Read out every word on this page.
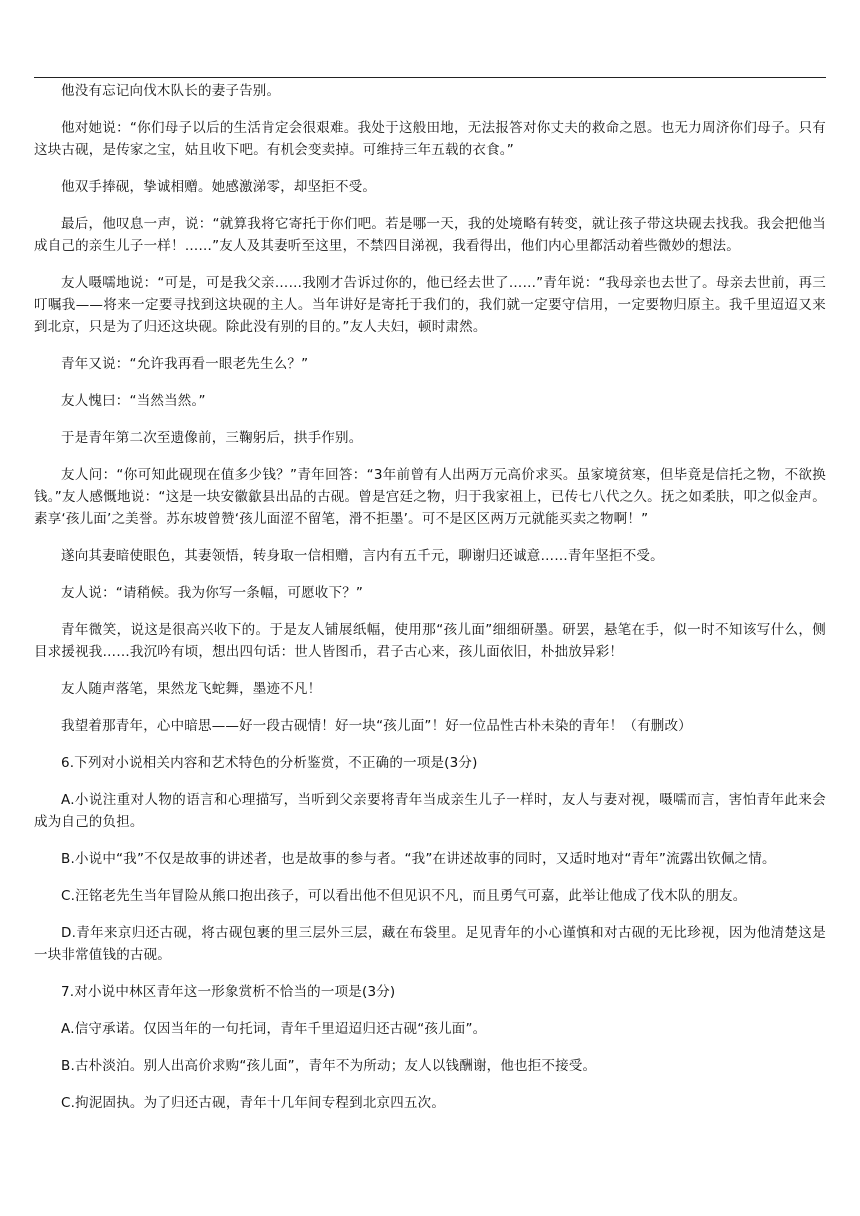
他没有忘记向伐木队长的妻子告别。

他对她说：“你们母子以后的生活肯定会很艰难。我处于这般田地，无法报答对你丈夫的救命之恩。也无力周济你们母子。只有这块古砚，是传家之宝，姑且收下吧。有机会变卖掉。可维持三年五载的衣食。”

他双手捧砚，挚诚相赠。她感激涕零，却坚拒不受。

最后，他叹息一声，说：“就算我将它寄托于你们吧。若是哪一天，我的处境略有转变，就让孩子带这块砚去找我。我会把他当成自己的亲生儿子一样！……”友人及其妻听至这里，不禁四目涕视，我看得出，他们内心里都活动着些微妙的想法。

友人嗫嚅地说：“可是，可是我父亲……我刚才告诉过你的，他已经去世了……”青年说：“我母亲也去世了。母亲去世前，再三叮嘱我——将来一定要寻找到这块砚的主人。当年讲好是寄托于我们的，我们就一定要守信用，一定要物归原主。我千里迢迢又来到北京，只是为了归还这块砚。除此没有别的目的。”友人夫妇，顿时肃然。

青年又说：“允许我再看一眼老先生么？”

友人愧曰：“当然当然。”

于是青年第二次至遗像前，三鞠躬后，拱手作别。

友人问：“你可知此砚现在值多少钱？”青年回答：“3年前曾有人出两万元高价求买。虽家境贫寒，但毕竟是信托之物，不欲换钱。”友人感慨地说：“这是一块安徽歙县出品的古砚。曾是宫廷之物，归于我家祖上，已传七八代之久。抚之如柔肤，叩之似金声。素享‘孩儿面’之美誉。苏东坡曾赞‘孩儿面涩不留笔，滑不拒墨’。可不是区区两万元就能买卖之物啊！”

遂向其妻暗使眼色，其妻领悟，转身取一信相赠，言内有五千元，聊谢归还诚意……青年坚拒不受。

友人说：“请稍候。我为你写一条幅，可愿收下？”

青年微笑，说这是很高兴收下的。于是友人铺展纸幅，使用那“孩儿面”细细研墨。研罢，悬笔在手，似一时不知该写什么，侧目求援视我……我沉吟有顷，想出四句话：世人皆图币，君子古心来，孩儿面依旧，朴拙放异彩！

友人随声落笔，果然龙飞蛇舞，墨迹不凡！

我望着那青年，心中暗思——好一段古砚情！好一块“孩儿面”！好一位品性古朴未染的青年！（有删改）

6.下列对小说相关内容和艺术特色的分析鉴赏，不正确的一项是(3分)

A.小说注重对人物的语言和心理描写，当听到父亲要将青年当成亲生儿子一样时，友人与妻对视，嗫嚅而言，害怕青年此来会成为自己的负担。

B.小说中“我”不仅是故事的讲述者，也是故事的参与者。“我”在讲述故事的同时，又适时地对“青年”流露出钦佩之情。

C.汪铭老先生当年冒险从熊口抱出孩子，可以看出他不但见识不凡，而且勇气可嘉，此举让他成了伐木队的朋友。

D.青年来京归还古砚，将古砚包裹的里三层外三层，藏在布袋里。足见青年的小心谨慎和对古砚的无比珍视，因为他清楚这是一块非常值钱的古砚。

7.对小说中林区青年这一形象赏析不恰当的一项是(3分)

A.信守承诺。仅因当年的一句托词，青年千里迢迢归还古砚“孩儿面”。

B.古朴淡泊。别人出高价求购“孩儿面”，青年不为所动；友人以钱酬谢，他也拒不接受。

C.拘泥固执。为了归还古砚，青年十几年间专程到北京四五次。
